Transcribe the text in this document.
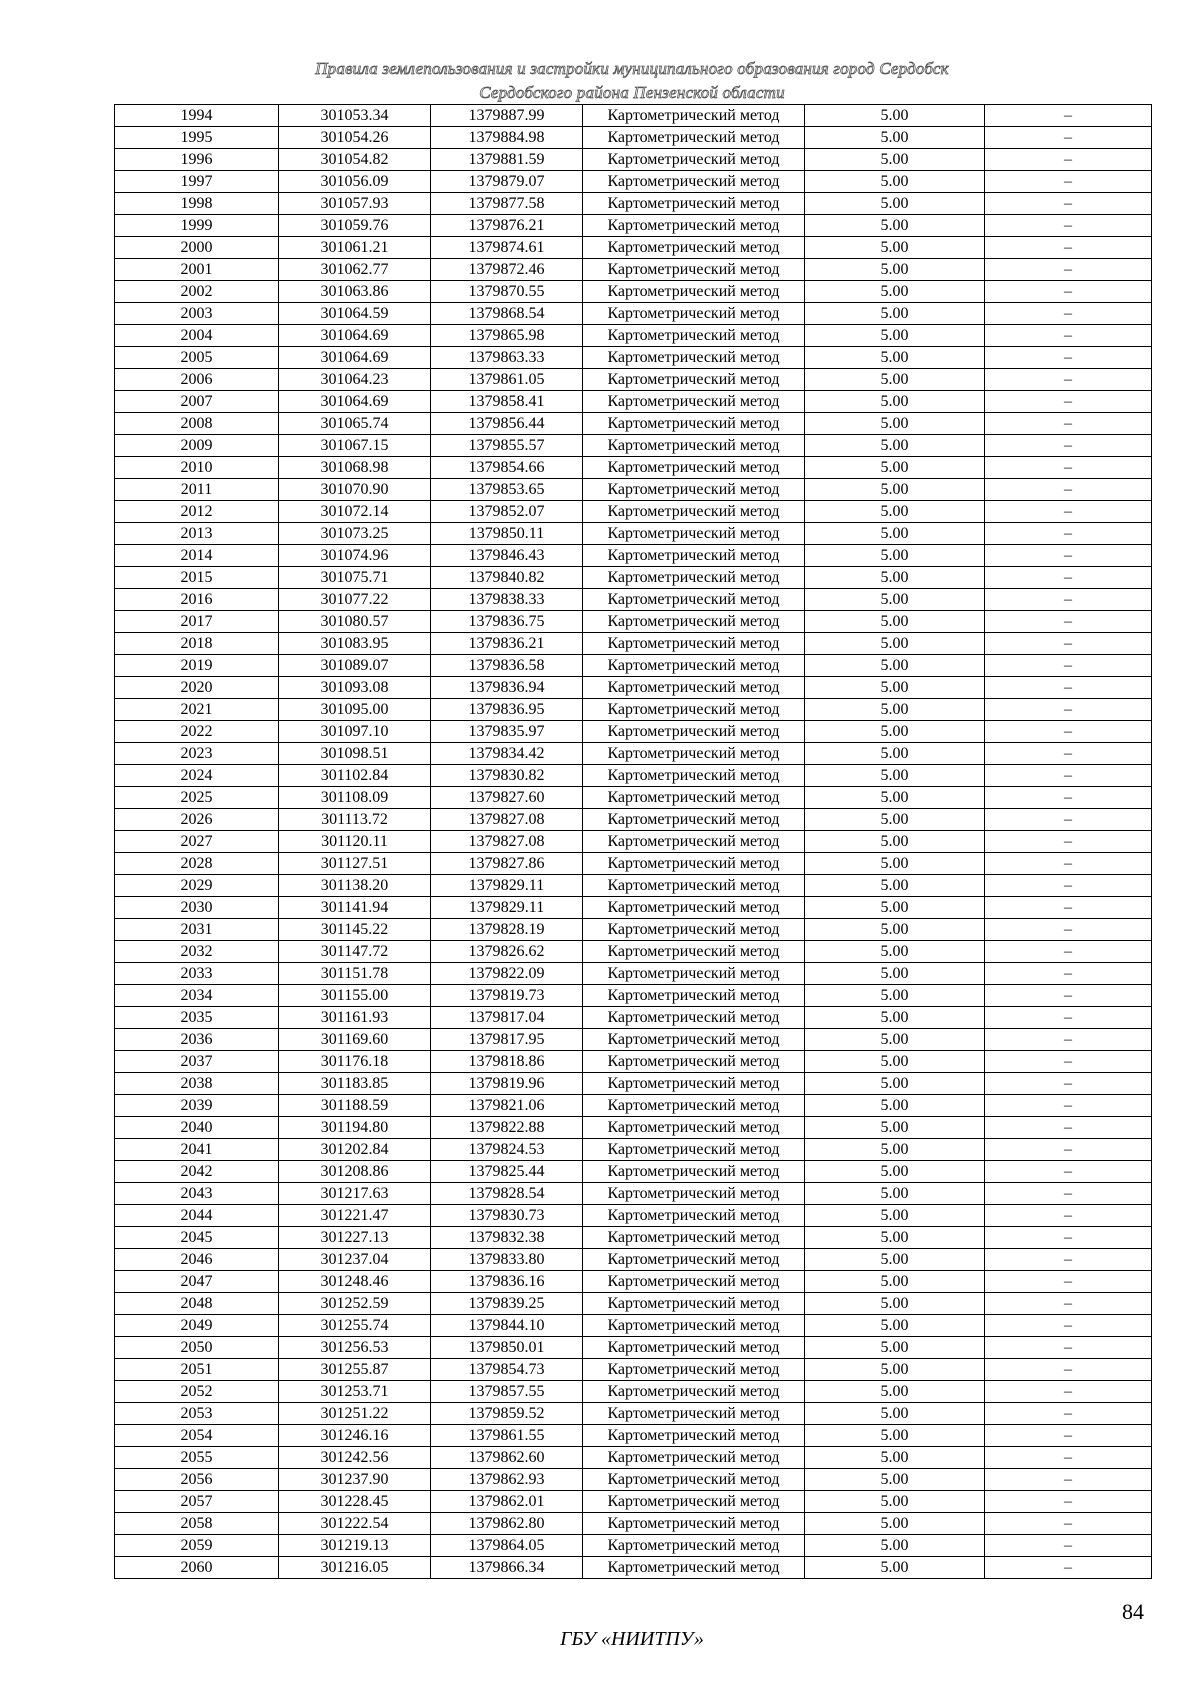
Правила землепользования и застройки муниципального образования город Сердобск
Сердобского района Пензенской области
1994	301053.34	1379887.99	Картометрический метод	5.00	–
1995	301054.26	1379884.98	Картометрический метод	5.00	–
1996	301054.82	1379881.59	Картометрический метод	5.00	–
1997	301056.09	1379879.07	Картометрический метод	5.00	–
1998	301057.93	1379877.58	Картометрический метод	5.00	–
1999	301059.76	1379876.21	Картометрический метод	5.00	–
2000	301061.21	1379874.61	Картометрический метод	5.00	–
2001	301062.77	1379872.46	Картометрический метод	5.00	–
2002	301063.86	1379870.55	Картометрический метод	5.00	–
2003	301064.59	1379868.54	Картометрический метод	5.00	–
2004	301064.69	1379865.98	Картометрический метод	5.00	–
2005	301064.69	1379863.33	Картометрический метод	5.00	–
2006	301064.23	1379861.05	Картометрический метод	5.00	–
2007	301064.69	1379858.41	Картометрический метод	5.00	–
2008	301065.74	1379856.44	Картометрический метод	5.00	–
2009	301067.15	1379855.57	Картометрический метод	5.00	–
2010	301068.98	1379854.66	Картометрический метод	5.00	–
2011	301070.90	1379853.65	Картометрический метод	5.00	–
2012	301072.14	1379852.07	Картометрический метод	5.00	–
2013	301073.25	1379850.11	Картометрический метод	5.00	–
2014	301074.96	1379846.43	Картометрический метод	5.00	–
2015	301075.71	1379840.82	Картометрический метод	5.00	–
2016	301077.22	1379838.33	Картометрический метод	5.00	–
2017	301080.57	1379836.75	Картометрический метод	5.00	–
2018	301083.95	1379836.21	Картометрический метод	5.00	–
2019	301089.07	1379836.58	Картометрический метод	5.00	–
2020	301093.08	1379836.94	Картометрический метод	5.00	–
2021	301095.00	1379836.95	Картометрический метод	5.00	–
2022	301097.10	1379835.97	Картометрический метод	5.00	–
2023	301098.51	1379834.42	Картометрический метод	5.00	–
2024	301102.84	1379830.82	Картометрический метод	5.00	–
2025	301108.09	1379827.60	Картометрический метод	5.00	–
2026	301113.72	1379827.08	Картометрический метод	5.00	–
2027	301120.11	1379827.08	Картометрический метод	5.00	–
2028	301127.51	1379827.86	Картометрический метод	5.00	–
2029	301138.20	1379829.11	Картометрический метод	5.00	–
2030	301141.94	1379829.11	Картометрический метод	5.00	–
2031	301145.22	1379828.19	Картометрический метод	5.00	–
2032	301147.72	1379826.62	Картометрический метод	5.00	–
2033	301151.78	1379822.09	Картометрический метод	5.00	–
2034	301155.00	1379819.73	Картометрический метод	5.00	–
2035	301161.93	1379817.04	Картометрический метод	5.00	–
2036	301169.60	1379817.95	Картометрический метод	5.00	–
2037	301176.18	1379818.86	Картометрический метод	5.00	–
2038	301183.85	1379819.96	Картометрический метод	5.00	–
2039	301188.59	1379821.06	Картометрический метод	5.00	–
2040	301194.80	1379822.88	Картометрический метод	5.00	–
2041	301202.84	1379824.53	Картометрический метод	5.00	–
2042	301208.86	1379825.44	Картометрический метод	5.00	–
2043	301217.63	1379828.54	Картометрический метод	5.00	–
2044	301221.47	1379830.73	Картометрический метод	5.00	–
2045	301227.13	1379832.38	Картометрический метод	5.00	–
2046	301237.04	1379833.80	Картометрический метод	5.00	–
2047	301248.46	1379836.16	Картометрический метод	5.00	–
2048	301252.59	1379839.25	Картометрический метод	5.00	–
2049	301255.74	1379844.10	Картометрический метод	5.00	–
2050	301256.53	1379850.01	Картометрический метод	5.00	–
2051	301255.87	1379854.73	Картометрический метод	5.00	–
2052	301253.71	1379857.55	Картометрический метод	5.00	–
2053	301251.22	1379859.52	Картометрический метод	5.00	–
2054	301246.16	1379861.55	Картометрический метод	5.00	–
2055	301242.56	1379862.60	Картометрический метод	5.00	–
2056	301237.90	1379862.93	Картометрический метод	5.00	–
2057	301228.45	1379862.01	Картометрический метод	5.00	–
2058	301222.54	1379862.80	Картометрический метод	5.00	–
2059	301219.13	1379864.05	Картометрический метод	5.00	–
2060	301216.05	1379866.34	Картометрический метод	5.00	–
84
ГБУ «НИИТПУ»
